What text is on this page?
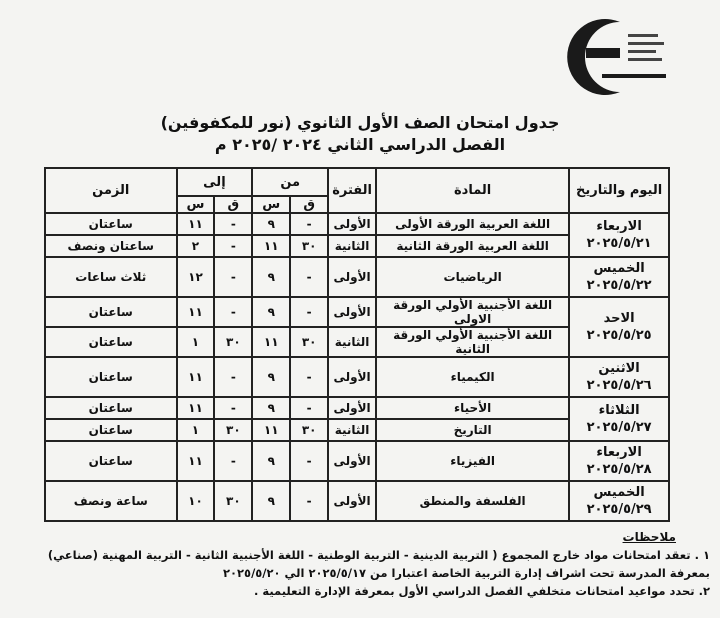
جدول امتحان الصف الأول الثانوي (نور للمكفوفين)
الفصل الدراسي الثاني ٢٠٢٤ /٢٠٢٥ م
اليوم والتاريخ	المادة	الفترة	من		إلى		الزمن
			ق	س	ق	س	

الاربعاء
٢٠٢٥/٥/٢١	اللغة العربية الورقة الأولى	الأولى	-	٩	-	١١	ساعتان
	اللغة العربية الورقة الثانية	الثانية	٣٠	١١	-	٢	ساعتان ونصف

الخميس
٢٠٢٥/٥/٢٢	الرياضيات	الأولى	-	٩	-	١٢	ثلاث ساعات

الاحد
٢٠٢٥/٥/٢٥	اللغة الأجنبية الأولي الورقة الاولى	الأولى	-	٩	-	١١	ساعتان
	اللغة الأجنبية الأولي الورقة الثانية	الثانية	٣٠	١١	٣٠	١	ساعتان

الاثنين
٢٠٢٥/٥/٢٦	الكيمياء	الأولى	-	٩	-	١١	ساعتان

الثلاثاء
٢٠٢٥/٥/٢٧	الأحياء	الأولى	-	٩	-	١١	ساعتان
	التاريخ	الثانية	٣٠	١١	٣٠	١	ساعتان

الاربعاء
٢٠٢٥/٥/٢٨	الفيزياء	الأولى	-	٩	-	١١	ساعتان

الخميس
٢٠٢٥/٥/٢٩	الفلسفة والمنطق	الأولى	-	٩	٣٠	١٠	ساعة ونصف
ملاحظات
١ . تعقد امتحانات مواد خارج المجموع ( التربية الدينية - التربية الوطنية - اللغة الأجنبية الثانية - التربية المهنية (صناعي)
بمعرفة المدرسة تحت اشراف إدارة التربية الخاصة اعتبارا من ٢٠٢٥/٥/١٧ الي ٢٠٢٥/٥/٢٠
٢. تحدد مواعيد امتحانات متخلفي الفصل الدراسي الأول بمعرفة الإدارة التعليمية .
